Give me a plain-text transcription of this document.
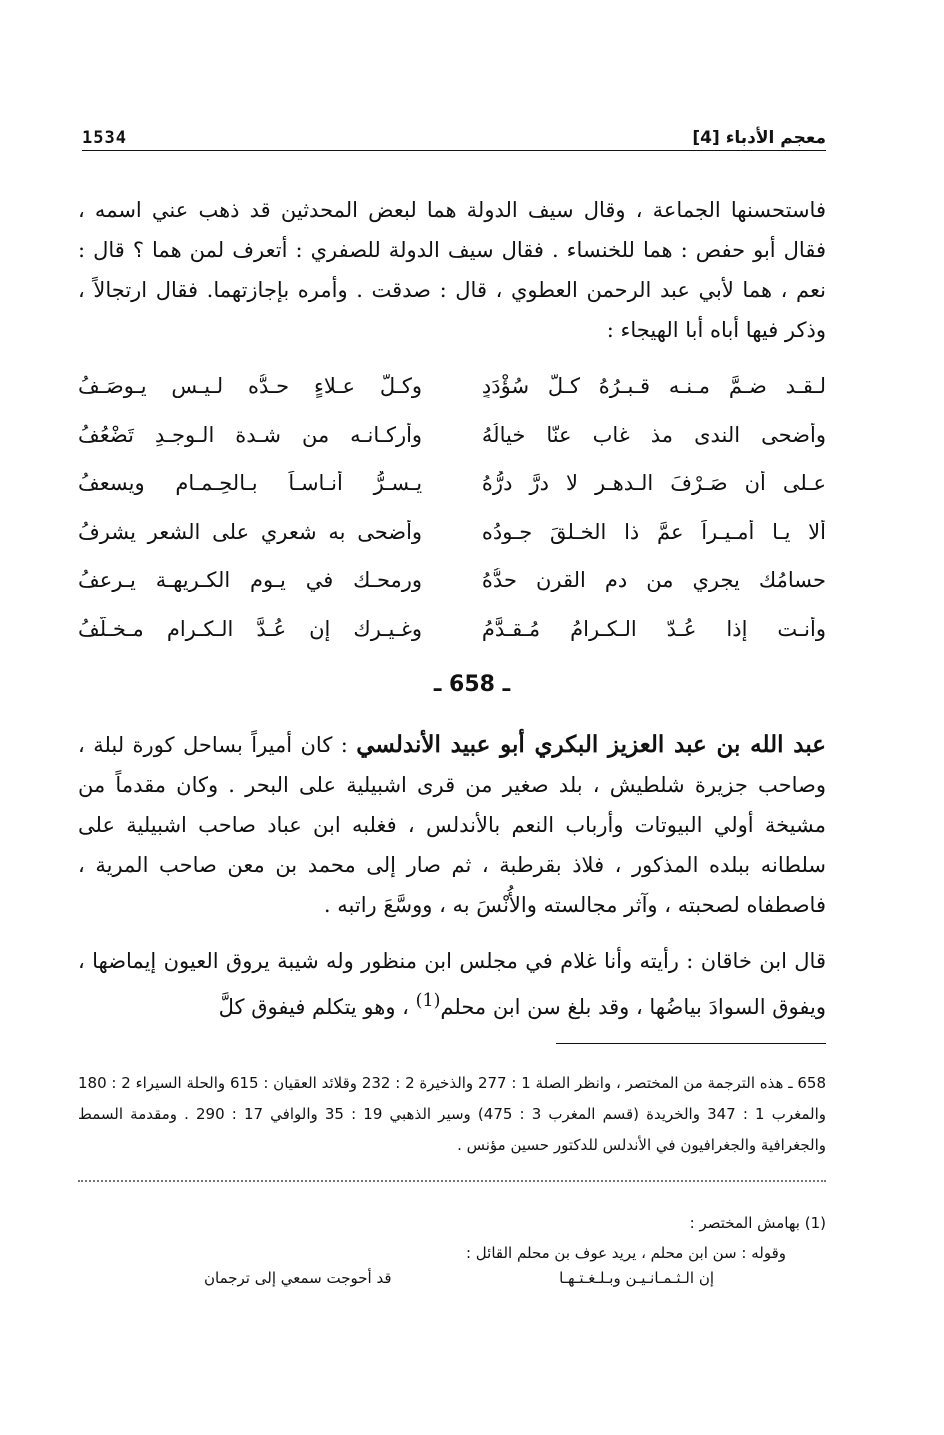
معجم الأدباء [4]
1534
فاستحسنها الجماعة ، وقال سيف الدولة هما لبعض المحدثين قد ذهب عني اسمه ، فقال أبو حفص : هما للخنساء . فقال سيف الدولة للصفري : أتعرف لمن هما ؟ قال : نعم ، هما لأبي عبد الرحمن العطوي ، قال : صدقت . وأمره بإجازتهما. فقال ارتجالاً ، وذكر فيها أباه أبا الهيجاء :
لـقـد ضـمَّ مـنـه قـبـرُهُ كـلَّ سُؤْدَدٍ
وكـلَّ عـلاءٍ حـدُّه لـيـس يـوصَـفُ
وأضحى الندى مذ غاب عنّا خيالُهُ
وأركـانـه من شـدة الـوجـدِ تَضْعُفُ
عـلى أن صَـرْفَ الـدهـرِ لا درَّ درُّهُ
يـسـرُّ أنـاسـاً بـالحِـمـام ويسعفُ
ألا يـا أمـيـراً عمَّ ذا الخـلقَ جـودُه
وأضحى به شعري على الشعر يشرفُ
حسامُك يجري من دم القرن حدُّهُ
ورمحـك في يـوم الكـريهـة يـرعفُ
وأنـت إذا عُـدّ الـكـرامُ مُـقـدَّمُ
وغـيـرك إن عُـدَّ الـكـرام مـخـلَّفُ
ـ 658 ـ
عبد الله بن عبد العزيز البكري أبو عبيد الأندلسي : كان أميراً بساحل كورة لبلة ، وصاحب جزيرة شلطيش ، بلد صغير من قرى اشبيلية على البحر . وكان مقدماً من مشيخة أولي البيوتات وأرباب النعم بالأندلس ، فغلبه ابن عباد صاحب اشبيلية على سلطانه ببلده المذكور ، فلاذ بقرطبة ، ثم صار إلى محمد بن معن صاحب المرية ، فاصطفاه لصحبته ، وآثر مجالسته والأُنْسَ به ، ووسَّعَ راتبه .
قال ابن خاقان : رأيته وأنا غلام في مجلس ابن منظور وله شيبة يروق العيون إيماضها ، ويفوق السوادَ بياضُها ، وقد بلغ سن ابن محلم$^{(1)}$ ، وهو يتكلم فيفوق كلَّ
658 ـ هذه الترجمة من المختصر ، وانظر الصلة 1 : 277 والذخيرة 2 : 232 وقلائد العقيان : 615 والحلة السيراء 2 : 180 والمغرب 1 : 347 والخريدة (قسم المغرب 3 : 475) وسير الذهبي 19 : 35 والوافي 17 : 290 . ومقدمة السمط والجغرافية والجغرافيون في الأندلس للدكتور حسين مؤنس .
(1) بهامش المختصر :
وقوله : سن ابن محلم ، يريد عوف بن محلم القائل :
إن الـثـمـانـيـن وبـلـغـتـهـا
قد أحوجت سمعي إلى ترجمان
